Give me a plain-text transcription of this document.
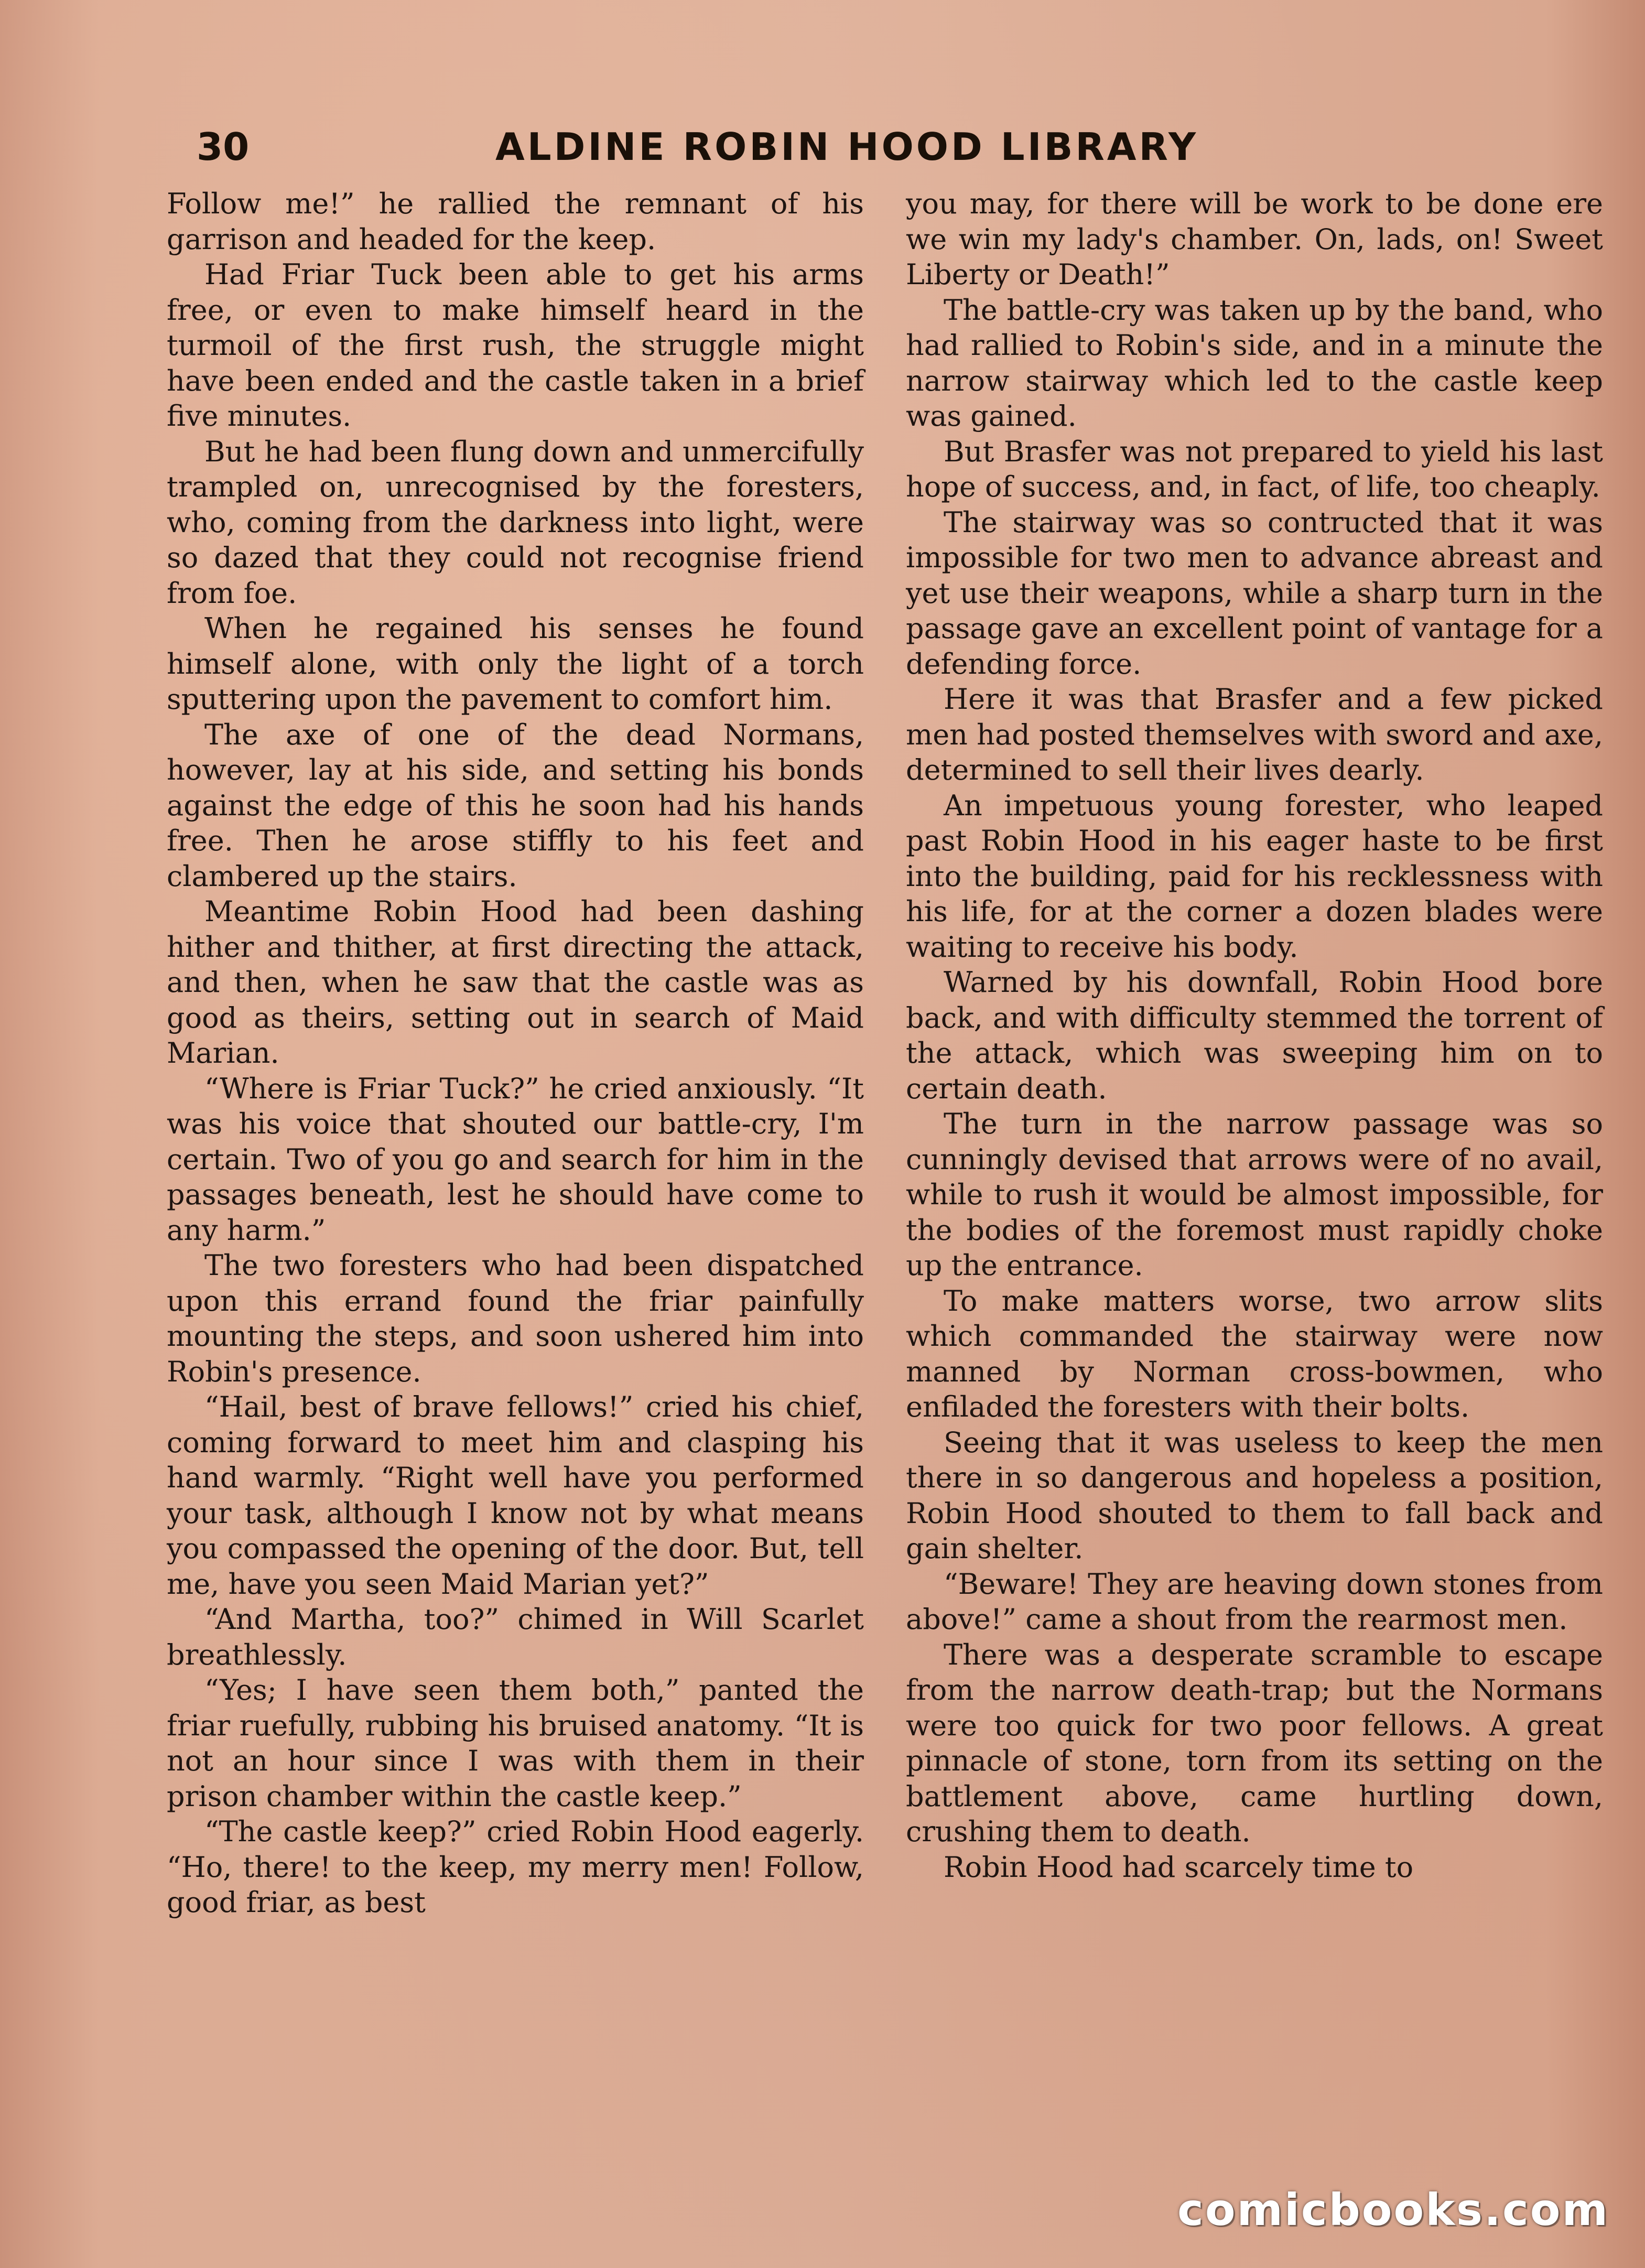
30	ALDINE ROBIN HOOD LIBRARY

Follow me!” he rallied the remnant of his garrison and headed for the keep.

Had Friar Tuck been able to get his arms free, or even to make himself heard in the turmoil of the first rush, the struggle might have been ended and the castle taken in a brief five minutes.

But he had been flung down and unmercifully trampled on, unrecognised by the foresters, who, coming from the darkness into light, were so dazed that they could not recognise friend from foe.

When he regained his senses he found himself alone, with only the light of a torch sputtering upon the pavement to comfort him.

The axe of one of the dead Normans, however, lay at his side, and setting his bonds against the edge of this he soon had his hands free. Then he arose stiffly to his feet and clambered up the stairs.

Meantime Robin Hood had been dashing hither and thither, at first directing the attack, and then, when he saw that the castle was as good as theirs, setting out in search of Maid Marian.

“Where is Friar Tuck?” he cried anxiously. “It was his voice that shouted our battle-cry, I'm certain. Two of you go and search for him in the passages beneath, lest he should have come to any harm.”

The two foresters who had been dispatched upon this errand found the friar painfully mounting the steps, and soon ushered him into Robin's presence.

“Hail, best of brave fellows!” cried his chief, coming forward to meet him and clasping his hand warmly. “Right well have you performed your task, although I know not by what means you compassed the opening of the door. But, tell me, have you seen Maid Marian yet?”

“And Martha, too?” chimed in Will Scarlet breathlessly.

“Yes; I have seen them both,” panted the friar ruefully, rubbing his bruised anatomy. “It is not an hour since I was with them in their prison chamber within the castle keep.”

“The castle keep?” cried Robin Hood eagerly. “Ho, there! to the keep, my merry men! Follow, good friar, as best

you may, for there will be work to be done ere we win my lady's chamber. On, lads, on! Sweet Liberty or Death!”

The battle-cry was taken up by the band, who had rallied to Robin's side, and in a minute the narrow stairway which led to the castle keep was gained.

But Brasfer was not prepared to yield his last hope of success, and, in fact, of life, too cheaply.

The stairway was so contructed that it was impossible for two men to advance abreast and yet use their weapons, while a sharp turn in the passage gave an excellent point of vantage for a defending force.

Here it was that Brasfer and a few picked men had posted themselves with sword and axe, determined to sell their lives dearly.

An impetuous young forester, who leaped past Robin Hood in his eager haste to be first into the building, paid for his recklessness with his life, for at the corner a dozen blades were waiting to receive his body.

Warned by his downfall, Robin Hood bore back, and with difficulty stemmed the torrent of the attack, which was sweeping him on to certain death.

The turn in the narrow passage was so cunningly devised that arrows were of no avail, while to rush it would be almost impossible, for the bodies of the foremost must rapidly choke up the entrance.

To make matters worse, two arrow slits which commanded the stairway were now manned by Norman cross-bowmen, who enfiladed the foresters with their bolts.

Seeing that it was useless to keep the men there in so dangerous and hopeless a position, Robin Hood shouted to them to fall back and gain shelter.

“Beware! They are heaving down stones from above!” came a shout from the rearmost men.

There was a desperate scramble to escape from the narrow death-trap; but the Normans were too quick for two poor fellows. A great pinnacle of stone, torn from its setting on the battlement above, came hurtling down, crushing them to death.

Robin Hood had scarcely time to

comicbooks.com
